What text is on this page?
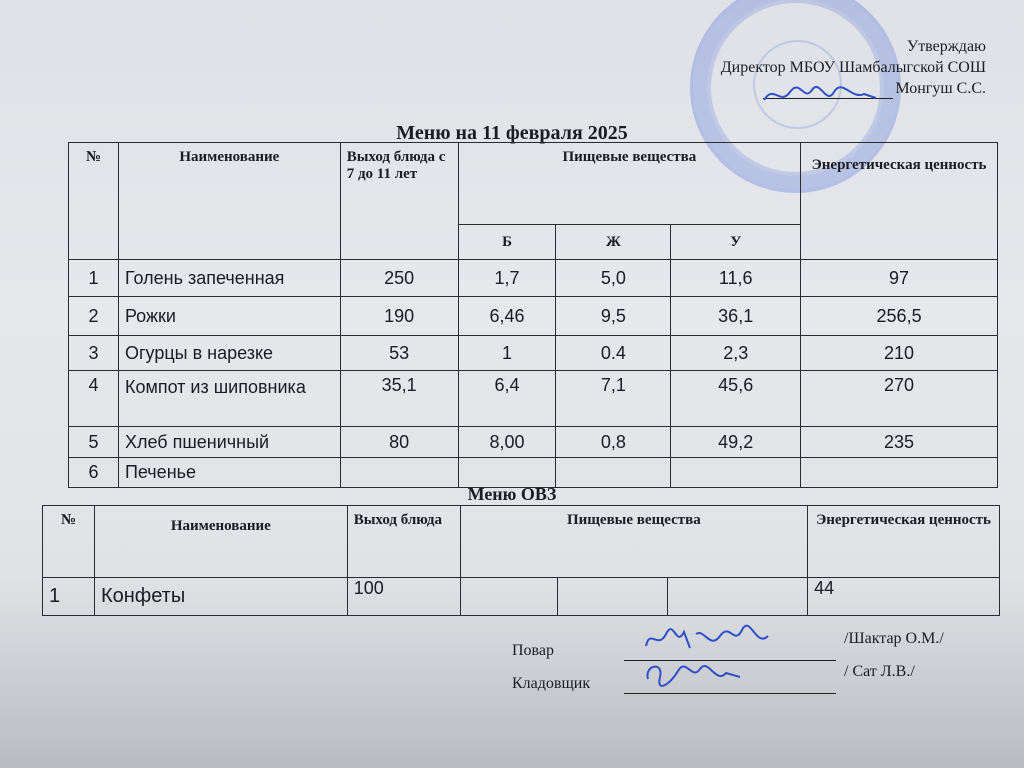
Утверждаю
Директор МБОУ Шамбалыгской СОШ
Монгуш С.С.
Меню на 11 февраля 2025
№	Наименование	Выход блюда с 7 до 11 лет	Пищевые вещества			Энергетическая ценность
			Б	Ж	У	
1	Голень запеченная	250	1,7	5,0	11,6	97
2	Рожки	190	6,46	9,5	36,1	256,5
3	Огурцы в нарезке	53	1	0.4	2,3	210
4	Компот из шиповника	35,1	6,4	7,1	45,6	270
5	Хлеб пшеничный	80	8,00	0,8	49,2	235
6	Печенье					
Меню ОВЗ
№	Наименование	Выход блюда	Пищевые вещества			Энергетическая ценность
1	Конфеты	100				44
Повар
/Шактар О.М./
Кладовщик
/ Сат Л.В./
